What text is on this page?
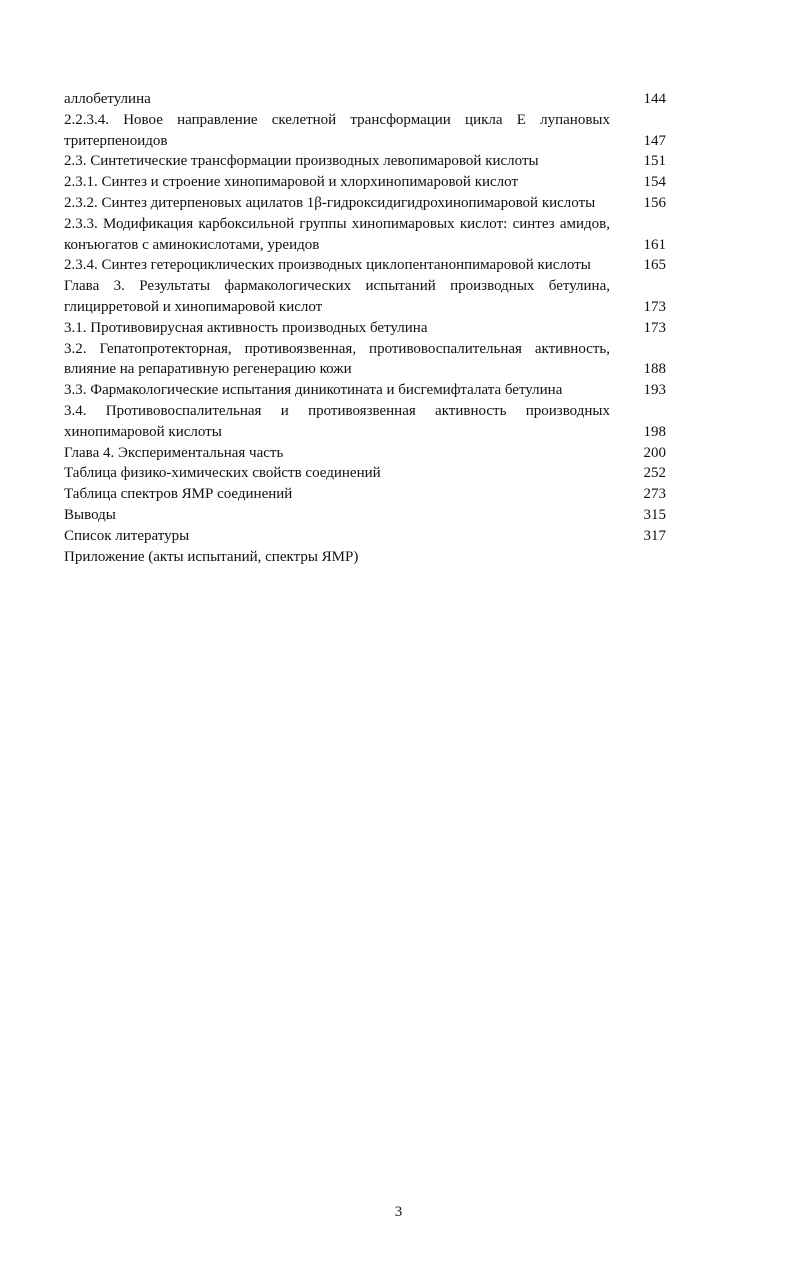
аллобетулина	144
2.2.3.4. Новое направление скелетной трансформации цикла Е лупановых тритерпеноидов	147
2.3. Синтетические трансформации производных левопимаровой кислоты	151
2.3.1. Синтез и строение хинопимаровой и хлорхинопимаровой кислот	154
2.3.2. Синтез дитерпеновых ацилатов 1β-гидроксидигидрохинопимаровой кислоты	156
2.3.3. Модификация карбоксильной группы хинопимаровых кислот: синтез амидов, конъюгатов с аминокислотами, уреидов	161
2.3.4. Синтез гетероциклических производных циклопентанонпимаровой кислоты	165
Глава 3. Результаты фармакологических испытаний производных бетулина, глицирретовой и хинопимаровой кислот	173
3.1. Противовирусная активность производных бетулина	173
3.2. Гепатопротекторная, противоязвенная, противовоспалительная активность, влияние на репаративную регенерацию кожи	188
3.3. Фармакологические испытания диникотината и бисгемифталата бетулина	193
3.4. Противовоспалительная и противоязвенная активность производных хинопимаровой кислоты	198
Глава 4. Экспериментальная часть	200
Таблица физико-химических свойств соединений	252
Таблица спектров ЯМР соединений	273
Выводы	315
Список литературы	317
Приложение (акты испытаний, спектры ЯМР)
3
